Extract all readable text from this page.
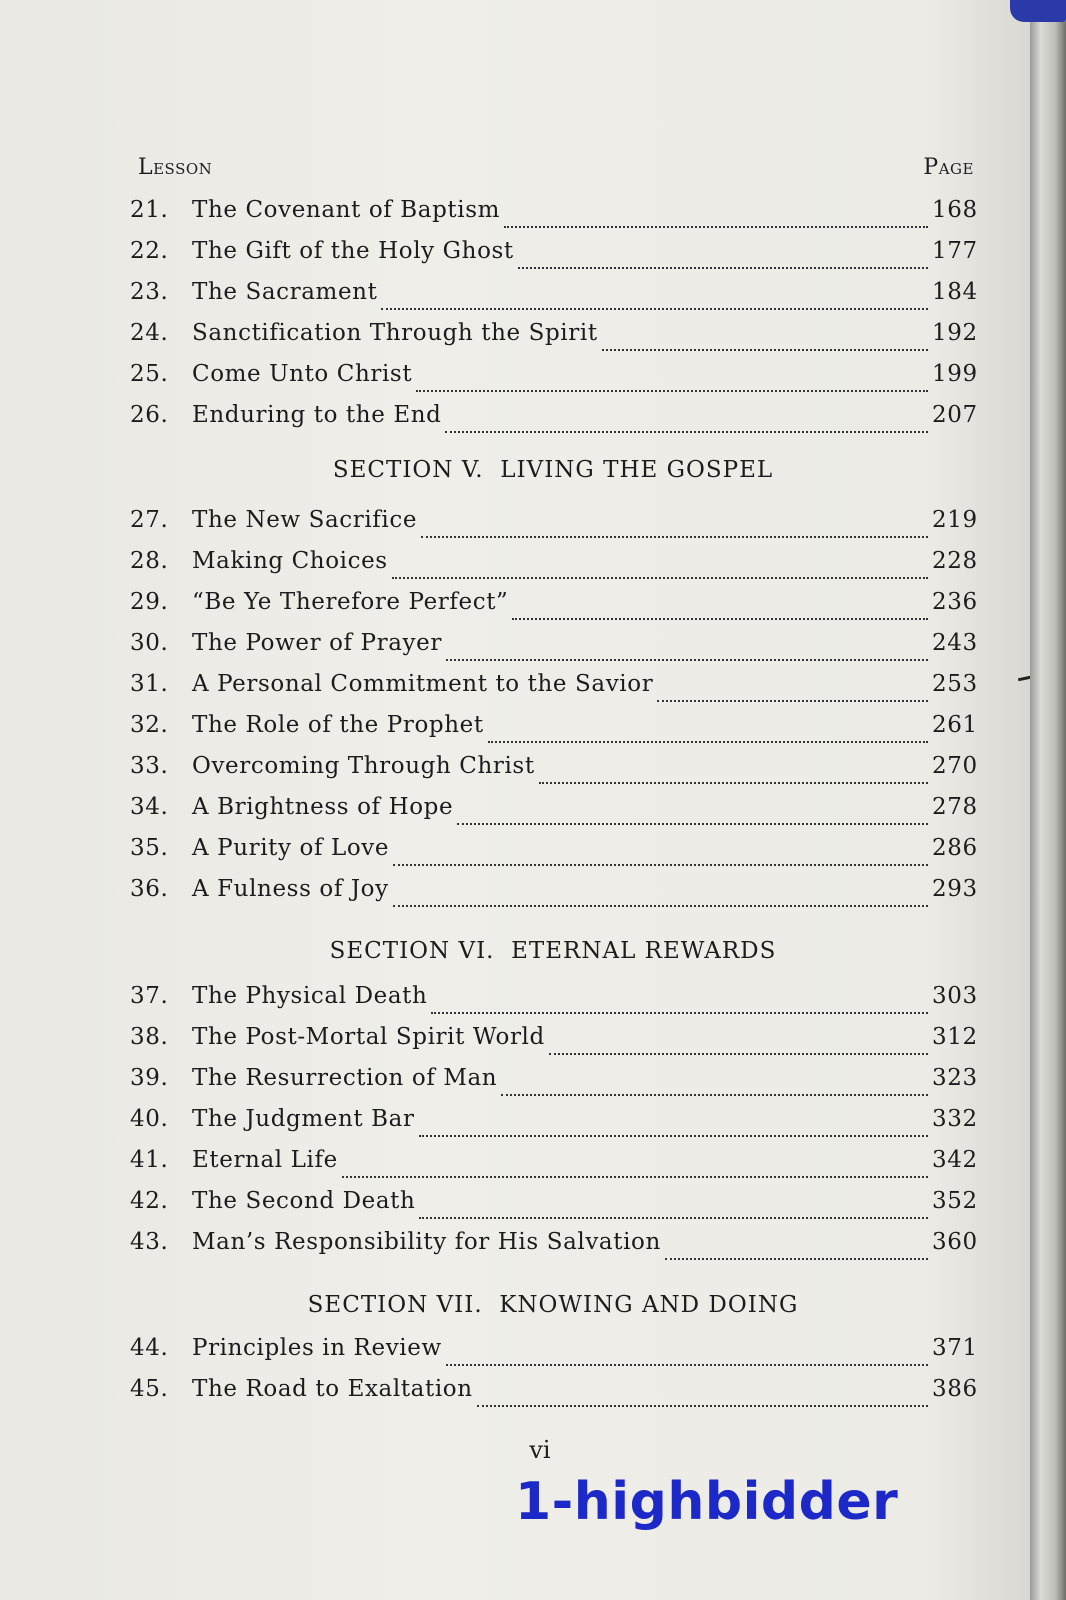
Lesson	Page
21.	The Covenant of Baptism	168
22.	The Gift of the Holy Ghost	177
23.	The Sacrament	184
24.	Sanctification Through the Spirit	192
25.	Come Unto Christ	199
26.	Enduring to the End	207
SECTION V.  LIVING THE GOSPEL
27.	The New Sacrifice	219
28.	Making Choices	228
29.	“Be Ye Therefore Perfect”	236
30.	The Power of Prayer	243
31.	A Personal Commitment to the Savior	253
32.	The Role of the Prophet	261
33.	Overcoming Through Christ	270
34.	A Brightness of Hope	278
35.	A Purity of Love	286
36.	A Fulness of Joy	293
SECTION VI.  ETERNAL REWARDS
37.	The Physical Death	303
38.	The Post-Mortal Spirit World	312
39.	The Resurrection of Man	323
40.	The Judgment Bar	332
41.	Eternal Life	342
42.	The Second Death	352
43.	Man’s Responsibility for His Salvation	360
SECTION VII.  KNOWING AND DOING
44.	Principles in Review	371
45.	The Road to Exaltation	386
vi
1-highbidder
